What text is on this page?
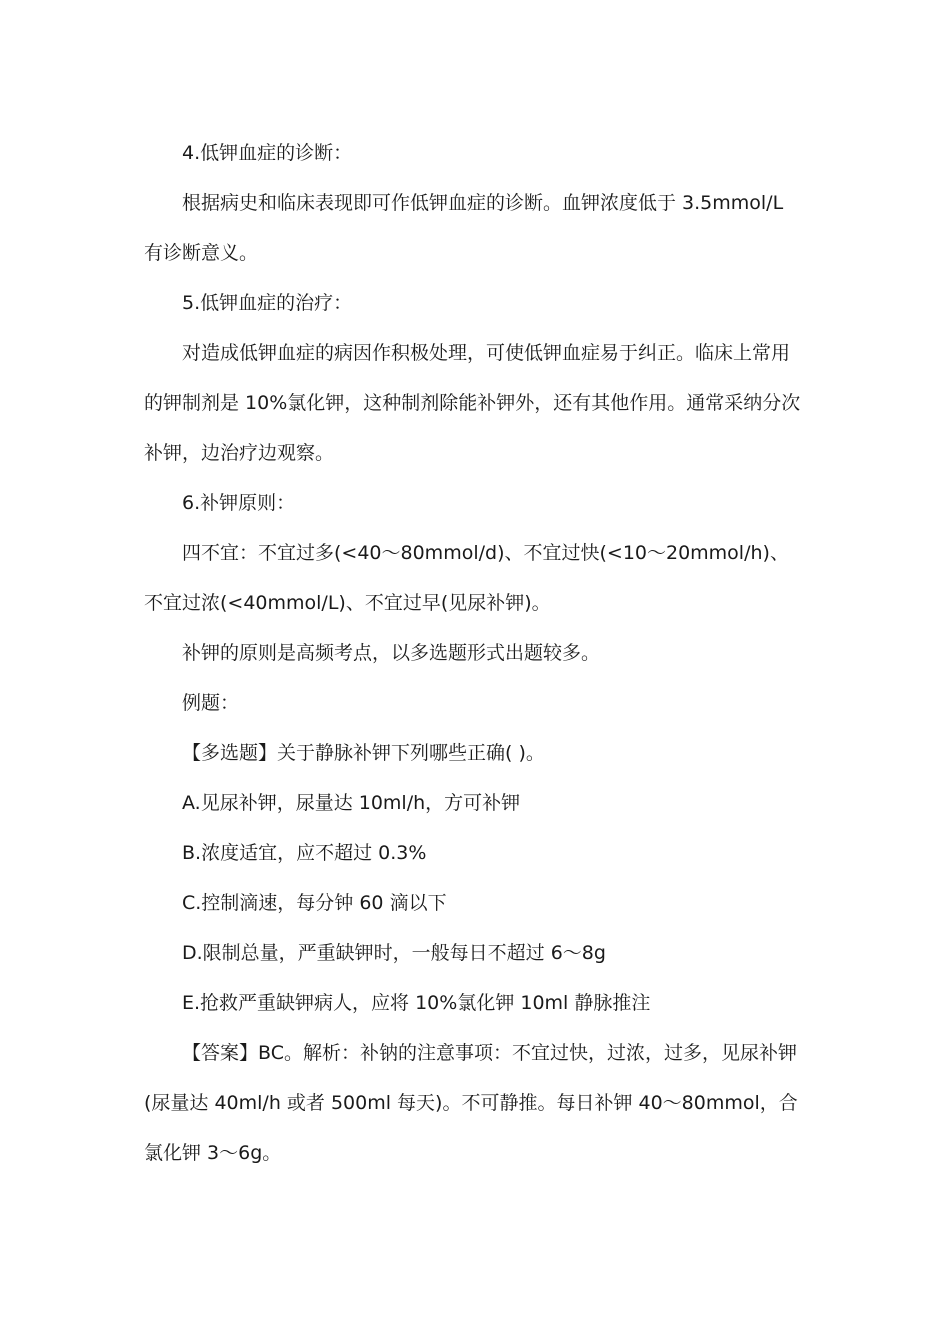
4.低钾血症的诊断：

根据病史和临床表现即可作低钾血症的诊断。血钾浓度低于 3.5mmol/L 有诊断意义。

5.低钾血症的治疗：

对造成低钾血症的病因作积极处理，可使低钾血症易于纠正。临床上常用的钾制剂是 10%氯化钾，这种制剂除能补钾外，还有其他作用。通常采纳分次补钾，边治疗边观察。

6.补钾原则：

四不宜：不宜过多(<40～80mmol/d)、不宜过快(<10～20mmol/h)、不宜过浓(<40mmol/L)、不宜过早(见尿补钾)。

补钾的原则是高频考点，以多选题形式出题较多。

例题：

【多选题】关于静脉补钾下列哪些正确( )。

A.见尿补钾，尿量达 10ml/h，方可补钾

B.浓度适宜，应不超过 0.3%

C.控制滴速，每分钟 60 滴以下

D.限制总量，严重缺钾时，一般每日不超过 6～8g

E.抢救严重缺钾病人，应将 10%氯化钾 10ml 静脉推注

【答案】BC。解析：补钠的注意事项：不宜过快，过浓，过多，见尿补钾(尿量达 40ml/h 或者 500ml 每天)。不可静推。每日补钾 40～80mmol，合氯化钾 3～6g。
